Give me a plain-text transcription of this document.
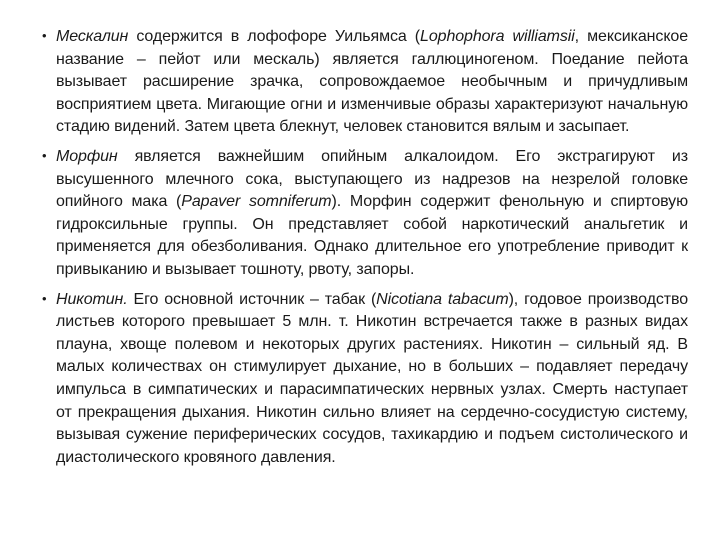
• Мескалин содержится в лофофоре Уильямса (Lophophora williamsii, мексиканское название – пейот или мескаль) является галлюциногеном. Поедание пейота вызывает расширение зрачка, сопровождаемое необычным и причудливым восприятием цвета. Мигающие огни и изменчивые образы характеризуют начальную стадию видений. Затем цвета блекнут, человек становится вялым и засыпает.
• Морфин является важнейшим опийным алкалоидом. Его экстрагируют из высушенного млечного сока, выступающего из надрезов на незрелой головке опийного мака (Papaver somniferum). Морфин содержит фенольную и спиртовую гидроксильные группы. Он представляет собой наркотический анальгетик и применяется для обезболивания. Однако длительное его употребление приводит к привыканию и вызывает тошноту, рвоту, запоры.
• Никотин. Его основной источник – табак (Nicotiana tabacum), годовое производство листьев которого превышает 5 млн. т. Никотин встречается также в разных видах плауна, хвоще полевом и некоторых других растениях. Никотин – сильный яд. В малых количествах он стимулирует дыхание, но в больших – подавляет передачу импульса в симпатических и парасимпатических нервных узлах. Смерть наступает от прекращения дыхания. Никотин сильно влияет на сердечно-сосудистую систему, вызывая сужение периферических сосудов, тахикардию и подъем систолического и диастолического кровяного давления.
